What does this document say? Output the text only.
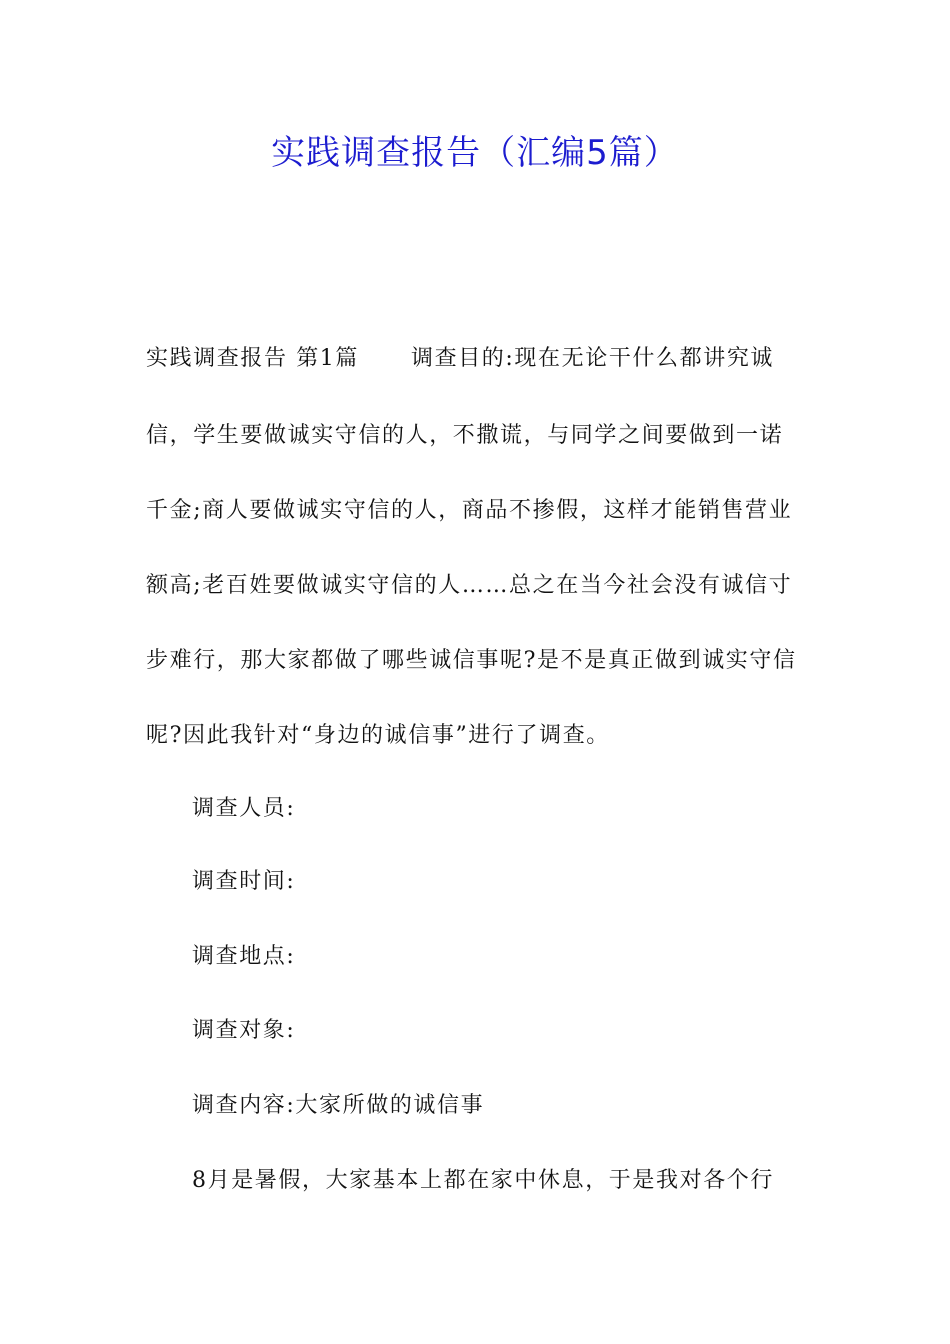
实践调查报告（汇编5篇）
实践调查报告 第1篇 调查目的:现在无论干什么都讲究诚
信，学生要做诚实守信的人，不撒谎，与同学之间要做到一诺
千金;商人要做诚实守信的人，商品不掺假，这样才能销售营业
额高;老百姓要做诚实守信的人……总之在当今社会没有诚信寸
步难行，那大家都做了哪些诚信事呢?是不是真正做到诚实守信
呢?因此我针对“身边的诚信事”进行了调查。
调查人员:
调查时间:
调查地点:
调查对象:
调查内容:大家所做的诚信事
8月是暑假，大家基本上都在家中休息，于是我对各个行
